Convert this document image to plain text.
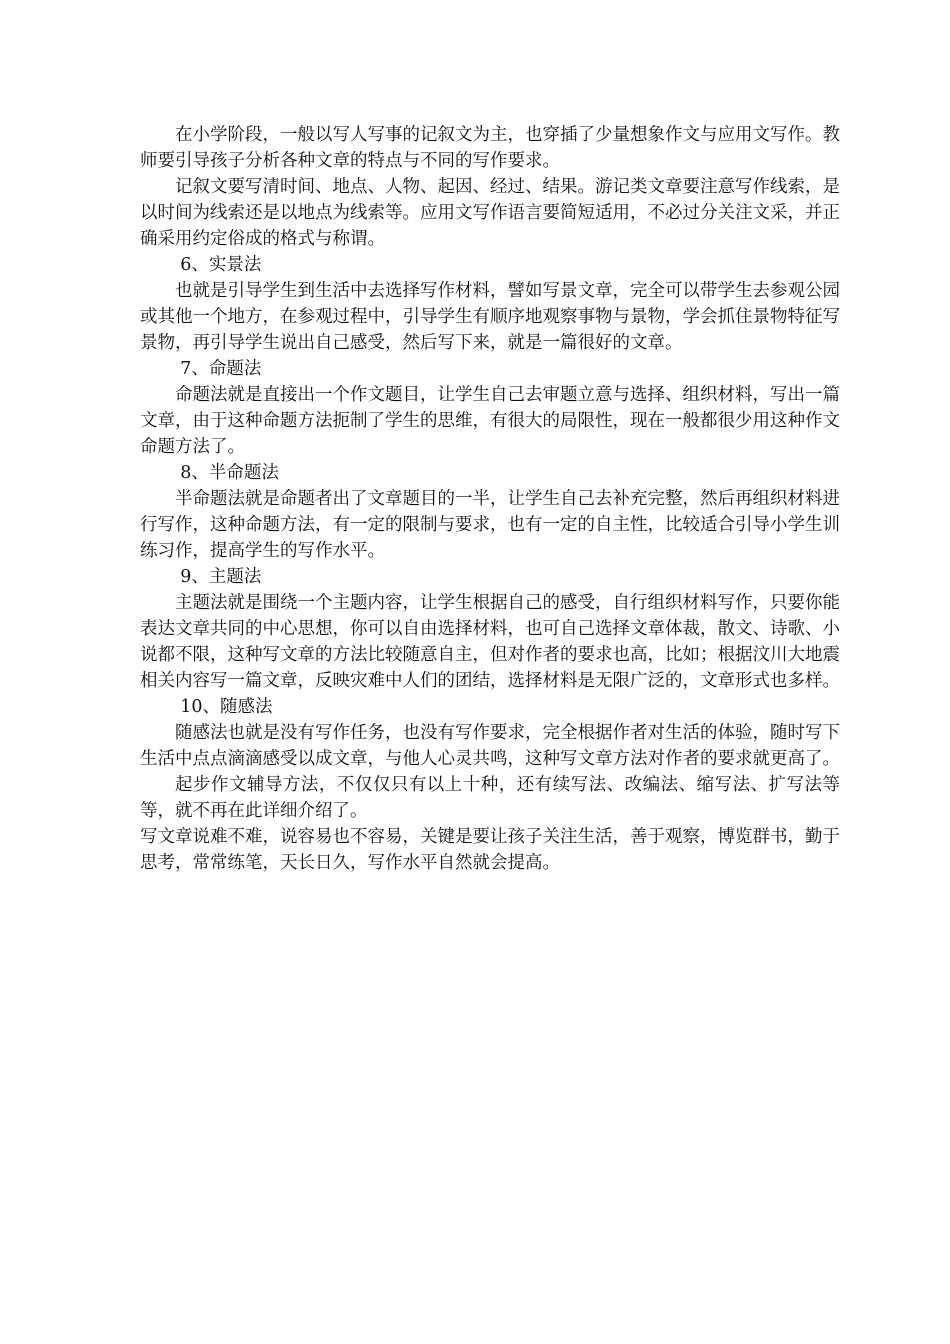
在小学阶段，一般以写人写事的记叙文为主，也穿插了少量想象作文与应用文写作。教师要引导孩子分析各种文章的特点与不同的写作要求。

记叙文要写清时间、地点、人物、起因、经过、结果。游记类文章要注意写作线索，是以时间为线索还是以地点为线索等。应用文写作语言要简短适用，不必过分关注文采，并正确采用约定俗成的格式与称谓。

6、实景法

也就是引导学生到生活中去选择写作材料，譬如写景文章，完全可以带学生去参观公园或其他一个地方，在参观过程中，引导学生有顺序地观察事物与景物，学会抓住景物特征写景物，再引导学生说出自己感受，然后写下来，就是一篇很好的文章。

7、命题法

命题法就是直接出一个作文题目，让学生自己去审题立意与选择、组织材料，写出一篇文章，由于这种命题方法扼制了学生的思维，有很大的局限性，现在一般都很少用这种作文命题方法了。

8、半命题法

半命题法就是命题者出了文章题目的一半，让学生自己去补充完整，然后再组织材料进行写作，这种命题方法，有一定的限制与要求，也有一定的自主性，比较适合引导小学生训练习作，提高学生的写作水平。

9、主题法

主题法就是围绕一个主题内容，让学生根据自己的感受，自行组织材料写作，只要你能表达文章共同的中心思想，你可以自由选择材料，也可自己选择文章体裁，散文、诗歌、小说都不限，这种写文章的方法比较随意自主，但对作者的要求也高，比如；根据汶川大地震相关内容写一篇文章，反映灾难中人们的团结，选择材料是无限广泛的，文章形式也多样。

10、随感法

随感法也就是没有写作任务，也没有写作要求，完全根据作者对生活的体验，随时写下生活中点点滴滴感受以成文章，与他人心灵共鸣，这种写文章方法对作者的要求就更高了。

起步作文辅导方法，不仅仅只有以上十种，还有续写法、改编法、缩写法、扩写法等等，就不再在此详细介绍了。

写文章说难不难，说容易也不容易，关键是要让孩子关注生活，善于观察，博览群书，勤于思考，常常练笔，天长日久，写作水平自然就会提高。
